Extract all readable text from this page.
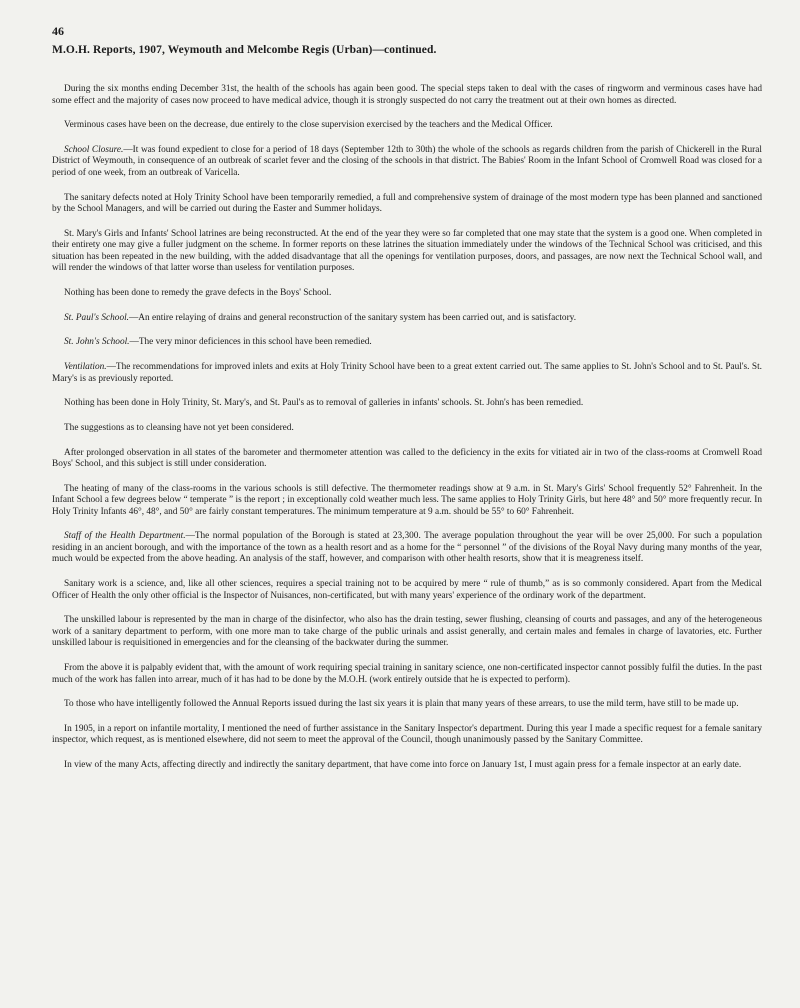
46
M.O.H. Reports, 1907, Weymouth and Melcombe Regis (Urban)—continued.

During the six months ending December 31st, the health of the schools has again been good. The special steps taken to deal with the cases of ringworm and verminous cases have had some effect and the majority of cases now proceed to have medical advice, though it is strongly suspected do not carry the treatment out at their own homes as directed.

Verminous cases have been on the decrease, due entirely to the close supervision exercised by the teachers and the Medical Officer.

School Closure.—It was found expedient to close for a period of 18 days (September 12th to 30th) the whole of the schools as regards children from the parish of Chickerell in the Rural District of Weymouth, in consequence of an outbreak of scarlet fever and the closing of the schools in that district. The Babies' Room in the Infant School of Cromwell Road was closed for a period of one week, from an outbreak of Varicella.

The sanitary defects noted at Holy Trinity School have been temporarily remedied, a full and comprehensive system of drainage of the most modern type has been planned and sanctioned by the School Managers, and will be carried out during the Easter and Summer holidays.

St. Mary's Girls and Infants' School latrines are being reconstructed. At the end of the year they were so far completed that one may state that the system is a good one. When completed in their entirety one may give a fuller judgment on the scheme. In former reports on these latrines the situation immediately under the windows of the Technical School was criticised, and this situation has been repeated in the new building, with the added disadvantage that all the openings for ventilation purposes, doors, and passages, are now next the Technical School wall, and will render the windows of that latter worse than useless for ventilation purposes.

Nothing has been done to remedy the grave defects in the Boys' School.

St. Paul's School.—An entire relaying of drains and general reconstruction of the sanitary system has been carried out, and is satisfactory.

St. John's School.—The very minor deficiences in this school have been remedied.

Ventilation.—The recommendations for improved inlets and exits at Holy Trinity School have been to a great extent carried out. The same applies to St. John's School and to St. Paul's. St. Mary's is as previously reported.

Nothing has been done in Holy Trinity, St. Mary's, and St. Paul's as to removal of galleries in infants' schools. St. John's has been remedied.

The suggestions as to cleansing have not yet been considered.

After prolonged observation in all states of the barometer and thermometer attention was called to the deficiency in the exits for vitiated air in two of the class-rooms at Cromwell Road Boys' School, and this subject is still under consideration.

The heating of many of the class-rooms in the various schools is still defective. The thermometer readings show at 9 a.m. in St. Mary's Girls' School frequently 52° Fahrenheit. In the Infant School a few degrees below “ temperate ” is the report ; in exceptionally cold weather much less. The same applies to Holy Trinity Girls, but here 48° and 50° more frequently recur. In Holy Trinity Infants 46°, 48°, and 50° are fairly constant temperatures. The minimum temperature at 9 a.m. should be 55° to 60° Fahrenheit.

Staff of the Health Department.—The normal population of the Borough is stated at 23,300. The average population throughout the year will be over 25,000. For such a population residing in an ancient borough, and with the importance of the town as a health resort and as a home for the “ personnel ” of the divisions of the Royal Navy during many months of the year, much would be expected from the above heading. An analysis of the staff, however, and comparison with other health resorts, show that it is meagreness itself.

Sanitary work is a science, and, like all other sciences, requires a special training not to be acquired by mere “ rule of thumb,” as is so commonly considered. Apart from the Medical Officer of Health the only other official is the Inspector of Nuisances, non-certificated, but with many years' experience of the ordinary work of the department.

The unskilled labour is represented by the man in charge of the disinfector, who also has the drain testing, sewer flushing, cleansing of courts and passages, and any of the heterogeneous work of a sanitary department to perform, with one more man to take charge of the public urinals and assist generally, and certain males and females in charge of lavatories, etc. Further unskilled labour is requisitioned in emergencies and for the cleansing of the backwater during the summer.

From the above it is palpably evident that, with the amount of work requiring special training in sanitary science, one non-certificated inspector cannot possibly fulfil the duties. In the past much of the work has fallen into arrear, much of it has had to be done by the M.O.H. (work entirely outside that he is expected to perform).

To those who have intelligently followed the Annual Reports issued during the last six years it is plain that many years of these arrears, to use the mild term, have still to be made up.

In 1905, in a report on infantile mortality, I mentioned the need of further assistance in the Sanitary Inspector's department. During this year I made a specific request for a female sanitary inspector, which request, as is mentioned elsewhere, did not seem to meet the approval of the Council, though unanimously passed by the Sanitary Committee.

In view of the many Acts, affecting directly and indirectly the sanitary department, that have come into force on January 1st, I must again press for a female inspector at an early date.
